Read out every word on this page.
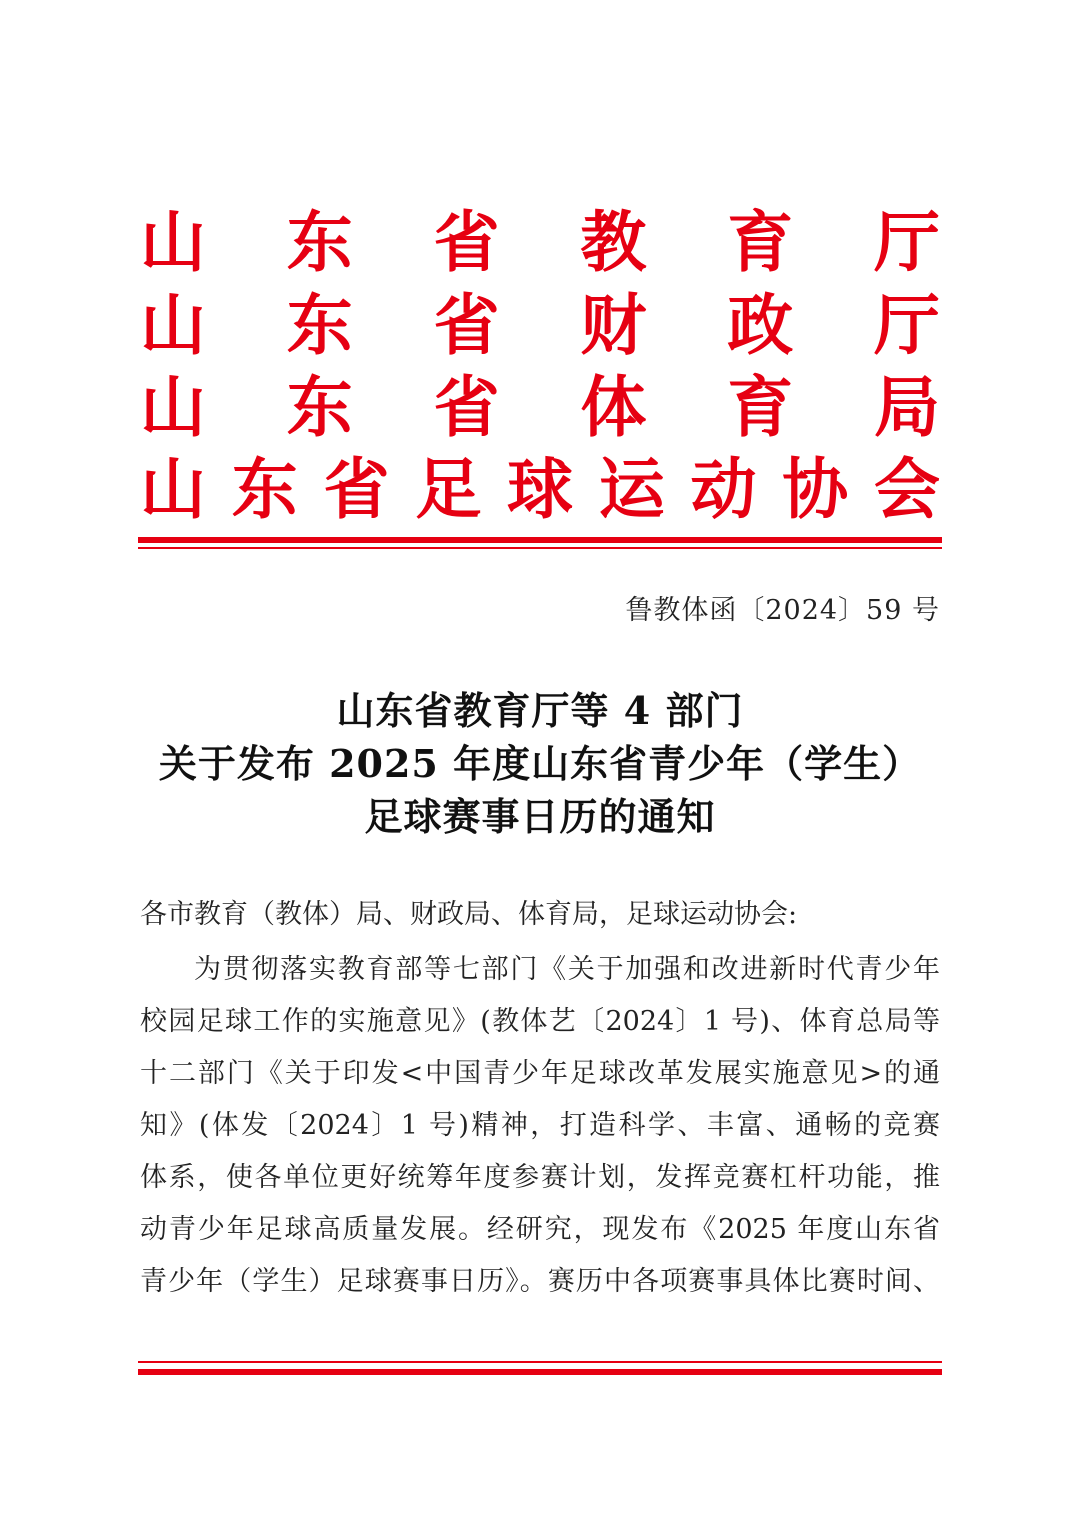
山 东 省 教 育 厅
山 东 省 财 政 厅
山 东 省 体 育 局
山 东 省 足 球 运 动 协 会
鲁教体函〔2024〕59 号
山东省教育厅等 4 部门
关于发布 2025 年度山东省青少年（学生）
足球赛事日历的通知
各市教育（教体）局、财政局、体育局，足球运动协会:
为贯彻落实教育部等七部门《关于加强和改进新时代青少年
校园足球工作的实施意见》(教体艺〔2024〕1 号)、体育总局等
十二部门《关于印发<中国青少年足球改革发展实施意见>的通
知》(体发〔2024〕1 号)精神，打造科学、丰富、通畅的竞赛
体系，使各单位更好统筹年度参赛计划，发挥竞赛杠杆功能，推
动青少年足球高质量发展。经研究，现发布《2025 年度山东省
青少年（学生）足球赛事日历》。赛历中各项赛事具体比赛时间、
